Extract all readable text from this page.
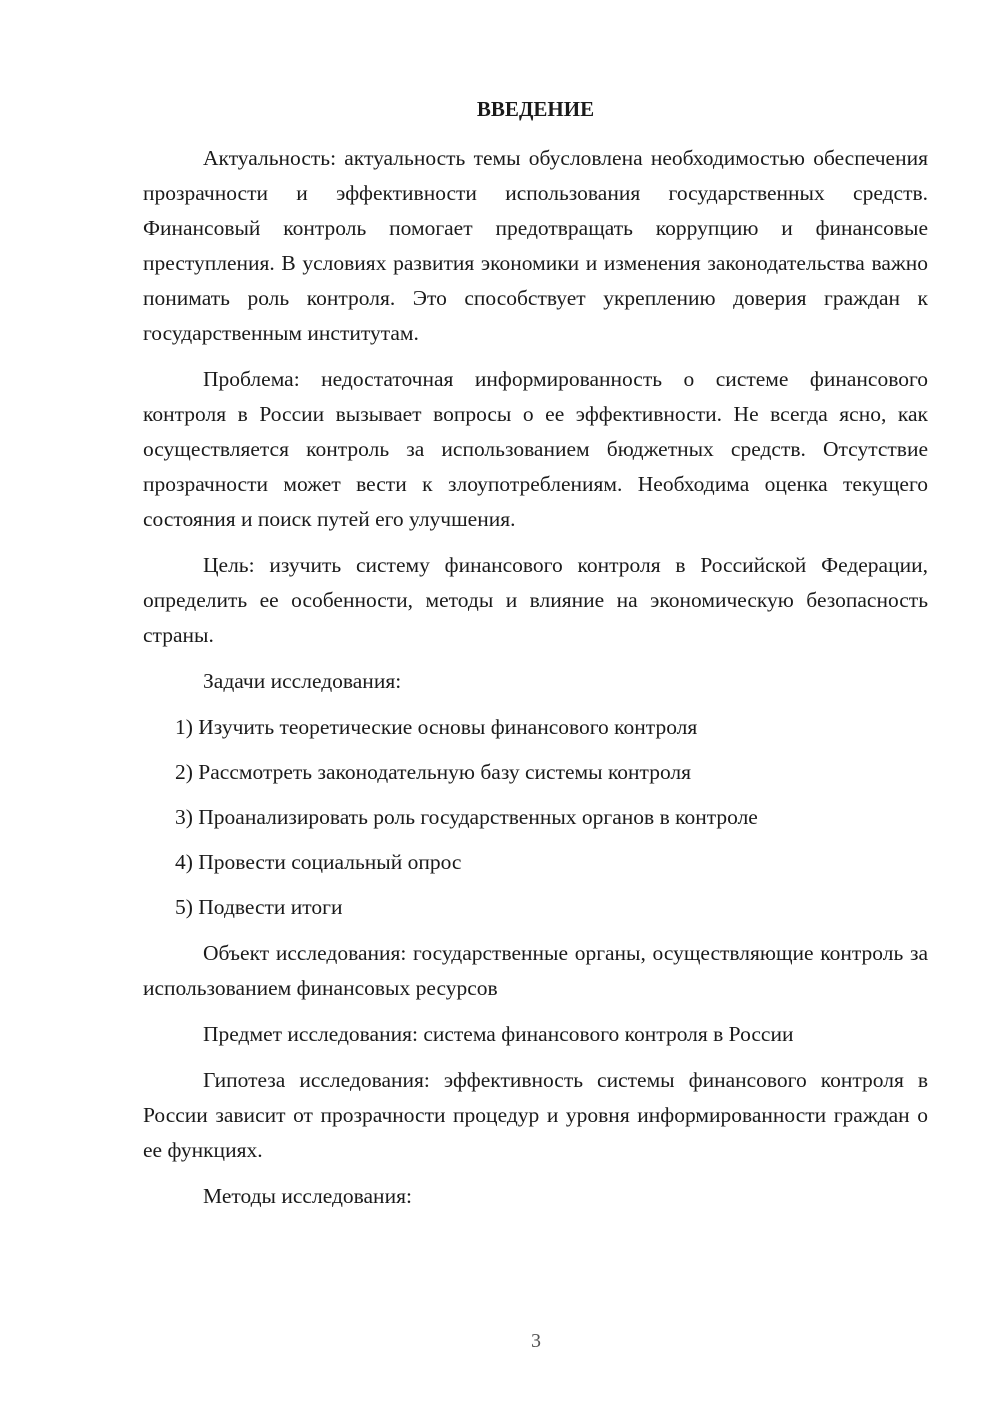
ВВЕДЕНИЕ

Актуальность: актуальность темы обусловлена необходимостью обеспечения прозрачности и эффективности использования государственных средств. Финансовый контроль помогает предотвращать коррупцию и финансовые преступления. В условиях развития экономики и изменения законодательства важно понимать роль контроля. Это способствует укреплению доверия граждан к государственным институтам.

Проблема: недостаточная информированность о системе финансового контроля в России вызывает вопросы о ее эффективности. Не всегда ясно, как осуществляется контроль за использованием бюджетных средств. Отсутствие прозрачности может вести к злоупотреблениям. Необходима оценка текущего состояния и поиск путей его улучшения.

Цель: изучить систему финансового контроля в Российской Федерации, определить ее особенности, методы и влияние на экономическую безопасность страны.

Задачи исследования:

1) Изучить теоретические основы финансового контроля
2) Рассмотреть законодательную базу системы контроля
3) Проанализировать роль государственных органов в контроле
4) Провести социальный опрос
5) Подвести итоги

Объект исследования: государственные органы, осуществляющие контроль за использованием финансовых ресурсов

Предмет исследования: система финансового контроля в России

Гипотеза исследования: эффективность системы финансового контроля в России зависит от прозрачности процедур и уровня информированности граждан о ее функциях.

Методы исследования:

3
